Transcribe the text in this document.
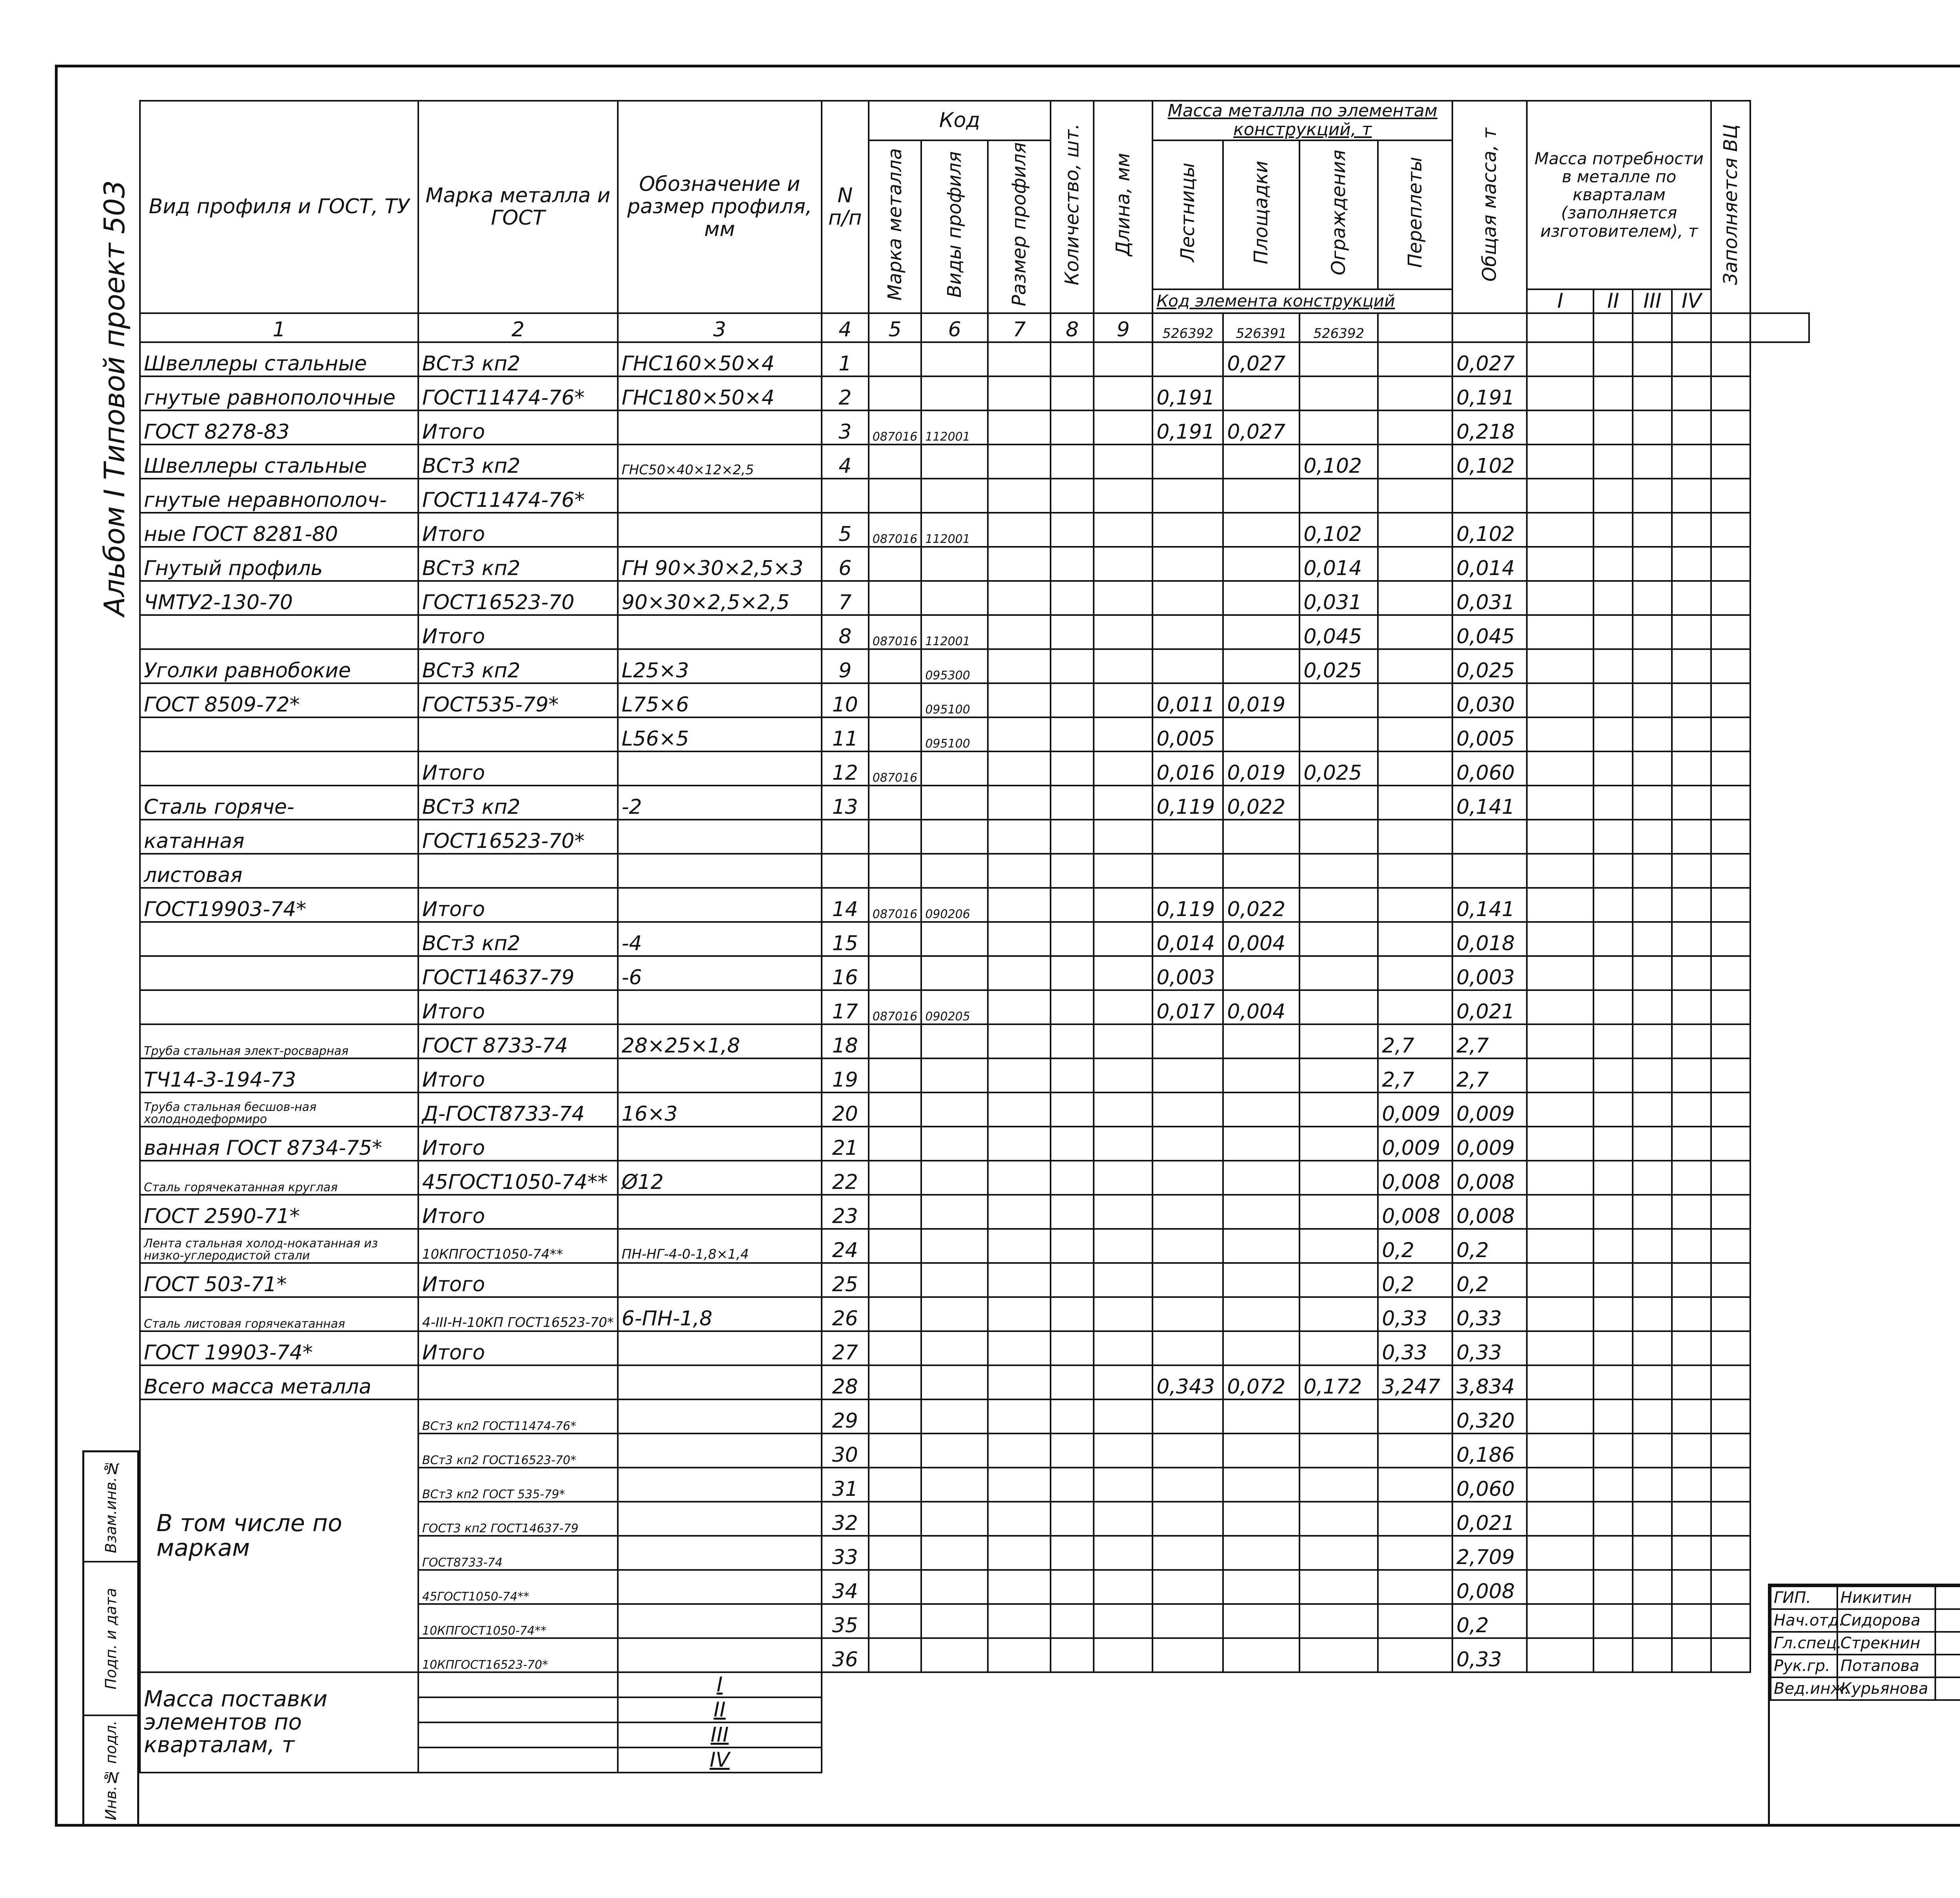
Альбом I Типовой проект 503
Инв.№ подл.
Подп. и дата
Взам.инв.№
Вид профиля и ГОСТ, ТУ	Марка металла и ГОСТ	Обозначение и размер профиля, мм	N п/п	Код			Количество, шт.	Длина, мм	Масса металла по элементам конструкций, т				Общая масса, т	Масса потребности в металле по кварталам (заполняется изготовителем), т				Заполняется ВЦ	
				Марка металла	Виды профиля	Размер профиля			Лестницы	Площадки	Ограждения	Переплеты							
									Код элемента конструкций					I	II	III	IV		
1	2	3	4	5	6	7	8	9	526392	526391	526392								
Швеллеры стальные	ВСт3 кп2	ГНС160×50×4	1							0,027			0,027						
гнутые равнополочные	ГОСТ11474-76*	ГНС180×50×4	2						0,191				0,191						
ГОСТ 8278-83	Итого		3	087016	112001				0,191	0,027			0,218						
Швеллеры стальные	ВСт3 кп2	ГНС50×40×12×2,5	4								0,102		0,102						
гнутые неравнополоч-	ГОСТ11474-76*																		
ные ГОСТ 8281-80	Итого		5	087016	112001						0,102		0,102						
Гнутый профиль	ВСт3 кп2	ГН 90×30×2,5×3	6								0,014		0,014						
ЧМТУ2-130-70	ГОСТ16523-70	90×30×2,5×2,5	7								0,031		0,031						
	Итого		8	087016	112001						0,045		0,045						
Уголки равнобокие	ВСт3 кп2	L25×3	9		095300						0,025		0,025						
ГОСТ 8509-72*	ГОСТ535-79*	L75×6	10		095100				0,011	0,019			0,030						
		L56×5	11		095100				0,005				0,005						
	Итого		12	087016					0,016	0,019	0,025		0,060						
Сталь горяче-	ВСт3 кп2	-2	13						0,119	0,022			0,141						
катанная	ГОСТ16523-70*																		
листовая																			
ГОСТ19903-74*	Итого		14	087016	090206				0,119	0,022			0,141						
	ВСт3 кп2	-4	15						0,014	0,004			0,018						
	ГОСТ14637-79	-6	16						0,003				0,003						
	Итого		17	087016	090205				0,017	0,004			0,021						
Труба стальная элект-росварная	ГОСТ 8733-74	28×25×1,8	18									2,7	2,7						
ТЧ14-3-194-73	Итого		19									2,7	2,7						
Труба стальная бесшов-ная холоднодеформиро	Д-ГОСТ8733-74	16×3	20									0,009	0,009						
ванная ГОСТ 8734-75*	Итого		21									0,009	0,009						
Сталь горячекатанная круглая	45ГОСТ1050-74**	Ø12	22									0,008	0,008						
ГОСТ 2590-71*	Итого		23									0,008	0,008						
Лента стальная холод-нокатанная из низко-углеродистой стали	10КПГОСТ1050-74**	ПН-НГ-4-0-1,8×1,4	24									0,2	0,2						
ГОСТ 503-71*	Итого		25									0,2	0,2						
Сталь листовая горячекатанная	4-III-Н-10КП ГОСТ16523-70*	6-ПН-1,8	26									0,33	0,33						
ГОСТ 19903-74*	Итого		27									0,33	0,33						
Всего масса металла			28						0,343	0,072	0,172	3,247	3,834						
В том числе по маркам	ВСт3 кп2 ГОСТ11474-76*		29										0,320						
	ВСт3 кп2 ГОСТ16523-70*		30										0,186						
	ВСт3 кп2 ГОСТ 535-79*		31										0,060						
	ГОСТ3 кп2 ГОСТ14637-79		32										0,021						
	ГОСТ8733-74		33										2,709						
	45ГОСТ1050-74**		34										0,008						
	10КПГОСТ1050-74**		35										0,2						
	10КПГОСТ16523-70*		36										0,33						
Масса поставки элементов по кварталам, т		I																	
		II																	
		III																	
		IV																	
ГИП.	Никитин		
Нач.отд.	Сидорова		
Гл.спец.	Стрекнин		
Рук.гр.	Потапова		
Вед.инж.	Курьянова		
